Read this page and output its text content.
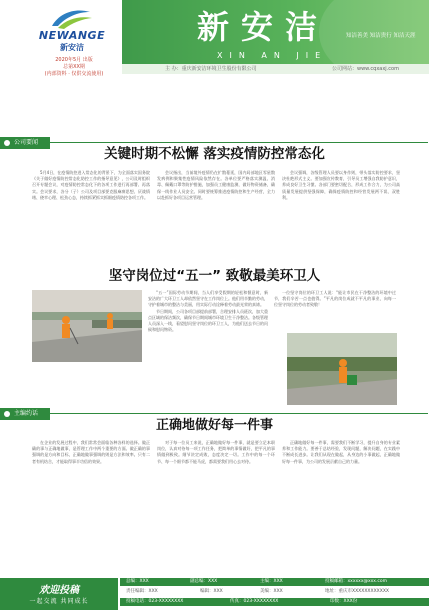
NEWANGE
新安洁
2020年5月 出版
总第XX期
(内部资料 · 仅供交流使用)
新安洁	知洁善美 知洁贵行 知洁天涯
XIN AN JIE
主 办：重庆新安洁环境卫生股份有限公司	公司网站：www.cqxaxj.com
公司要闻
关键时期不松懈 落实疫情防控常态化

5月4日，在疫情防控进入常态化的背景下，为全面落实国务院《关于做好疫情防控常态化防控工作的指导意见》，公司及时组织召开专题会议，对疫情防控常态化下的各项工作进行再部署、再落实。会议要求，各分（子）公司及项目部要克服麻痹思想、厌战情绪、侥幸心理、松劲心态，持续抓紧抓实抓细疫情防控各项工作。

会议指出，当前境外疫情仍在扩散蔓延，国内局部地区零星散发病例和聚集性疫情风险依然存在。各单位要严格落实测温、消毒、佩戴口罩等防护措施，加强员工健康监测，做好物资储备，确保一线作业人员安全。同时要统筹推进疫情防控和生产经营，全力以赴抓好各项目运营管理。

会议强调，各级管理人员要以身作则，带头落实防控要求，坚决杜绝形式主义。要加强宣传教育，引导员工增强自我防护意识，养成良好卫生习惯。各部门要密切配合，形成工作合力，为公司高质量发展提供坚强保障，确保疫情防控和经营发展两不误、双胜利。

坚守岗位过“五一” 致敬最美环卫人

“五一”国际劳动节期间，当人们享受假期的轻松和惬意时，新安洁的广大环卫工人却依然坚守在工作岗位上。他们用辛勤的劳动，守护着城市的整洁与美丽，用实际行动诠释着劳动最光荣的真谛。

节日期间，公司各项目部提前部署，合理安排人员班次，加大重点区域的保洁频次，确保节日期间城市环境卫生干净整洁。各级管理人员深入一线，看望慰问坚守岗位的环卫工人，为他们送去节日的问候和慰问物资。

一位坚守岗位的环卫工人说：“能让市民在干净整洁的环境中过节，我们辛苦一点也值得。”平凡的岗位成就不平凡的事业，向每一位坚守岗位的劳动者致敬！

主编约话
正确地做好每一件事

在企业的发展过程中，我们常常会面临各种各样的选择。做正确的事与正确地做事，是管理工作中两个重要的方面。做正确的事强调的是方向和目标，正确地做事强调的则是方法和效率。只有二者有机结合，才能取得事半功倍的效果。

对于每一位员工来说，正确地做好每一件事，就是要立足本职岗位，认真对待每一项工作任务，把简单的事情做好，把平凡的事情做到极致。细节决定成败，态度决定一切。工作中的每一个环节、每一个细节都不能马虎，都需要我们用心去对待。

正确地做好每一件事，需要我们不断学习，提升自身的专业素养和工作能力。要善于总结经验，发现问题，解决问题，在实践中不断成长进步。让我们从现在做起，从身边的小事做起，正确地做好每一件事，为公司的发展贡献自己的力量。

欢迎投稿
一起交流 共同成长
总编：XXX	副总编：XXX	主编：XXX	投稿邮箱：xxxxxx@xxx.com
责任编辑：XXX	编辑：XXX	美编：XXX	地址：重庆市XXXXXXXXXXXX
投稿电话：023-XXXXXXXX	传真：023-XXXXXXXX	印数：XXX份
